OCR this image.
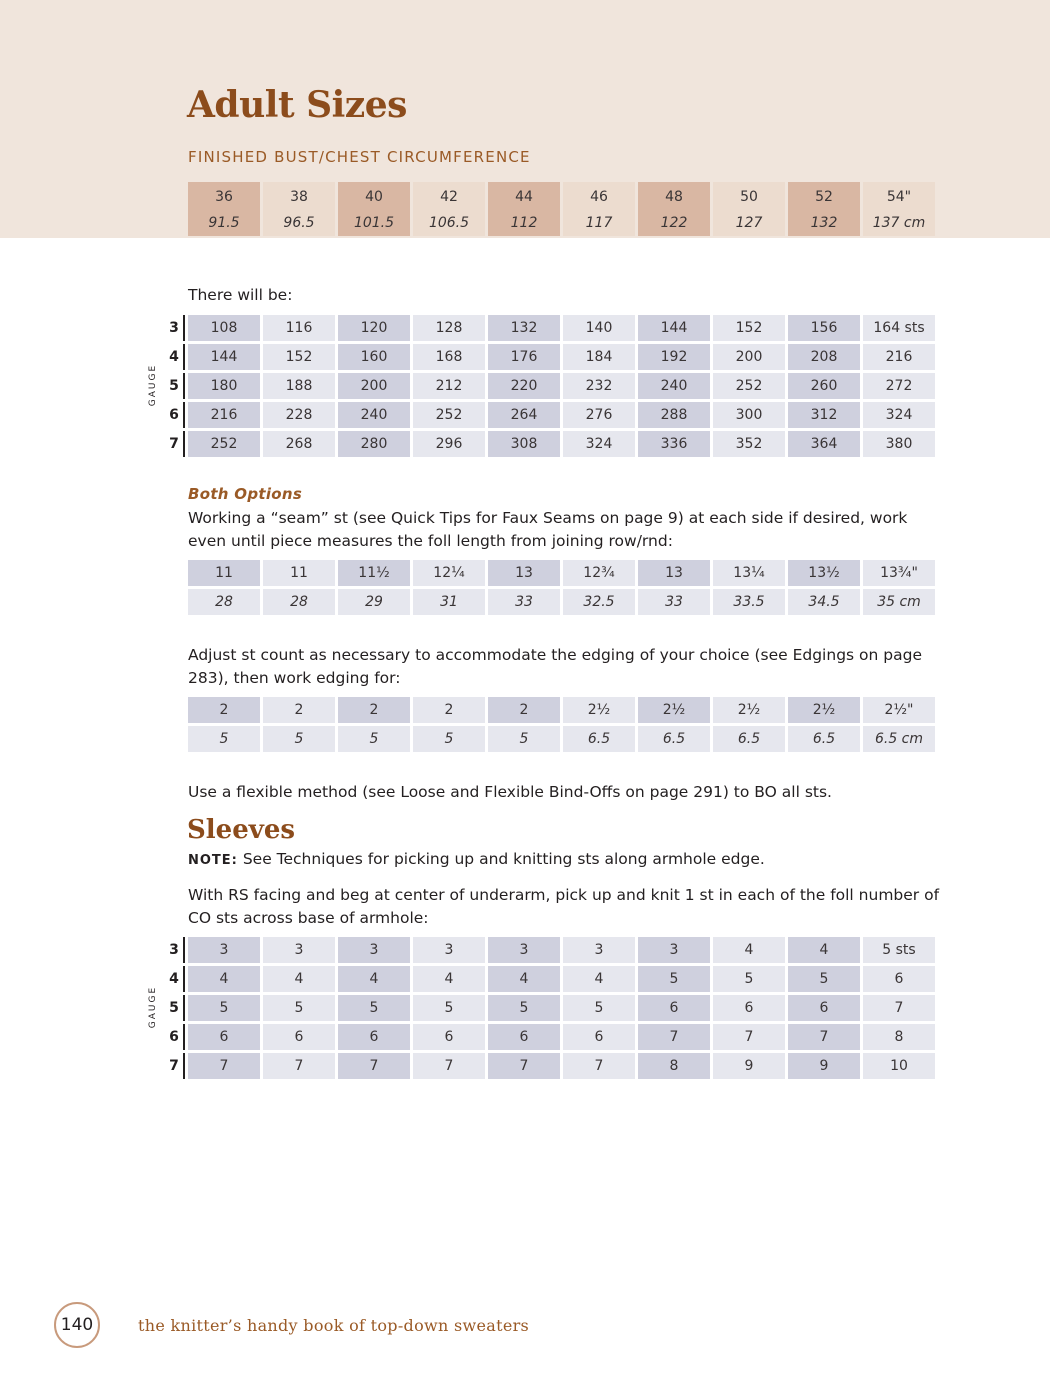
Adult Sizes
FINISHED BUST/CHEST CIRCUMFERENCE
36	38	40	42	44	46	48	50	52	54"
91.5	96.5	101.5	106.5	112	117	122	127	132	137 cm

There will be:

GAUGE
3	108	116	120	128	132	140	144	152	156	164 sts
4	144	152	160	168	176	184	192	200	208	216
5	180	188	200	212	220	232	240	252	260	272
6	216	228	240	252	264	276	288	300	312	324
7	252	268	280	296	308	324	336	352	364	380
Both Options

Working a “seam” st (see Quick Tips for Faux Seams on page 9) at each side if desired, work even until piece measures the foll length from joining row/rnd:

11	11	11½	12¼	13	12¾	13	13¼	13½	13¾"
28	28	29	31	33	32.5	33	33.5	34.5	35 cm

Adjust st count as necessary to accommodate the edging of your choice (see Edgings on page 283), then work edging for:

2	2	2	2	2	2½	2½	2½	2½	2½"
5	5	5	5	5	6.5	6.5	6.5	6.5	6.5 cm

Use a flexible method (see Loose and Flexible Bind-Offs on page 291) to BO all sts.

Sleeves

NOTE: See Techniques for picking up and knitting sts along armhole edge.

With RS facing and beg at center of underarm, pick up and knit 1 st in each of the foll number of CO sts across base of armhole:

GAUGE
3	3	3	3	3	3	3	3	4	4	5 sts
4	4	4	4	4	4	4	5	5	5	6
5	5	5	5	5	5	5	6	6	6	7
6	6	6	6	6	6	6	7	7	7	8
7	7	7	7	7	7	7	8	9	9	10
140	the knitter’s handy book of top-down sweaters
